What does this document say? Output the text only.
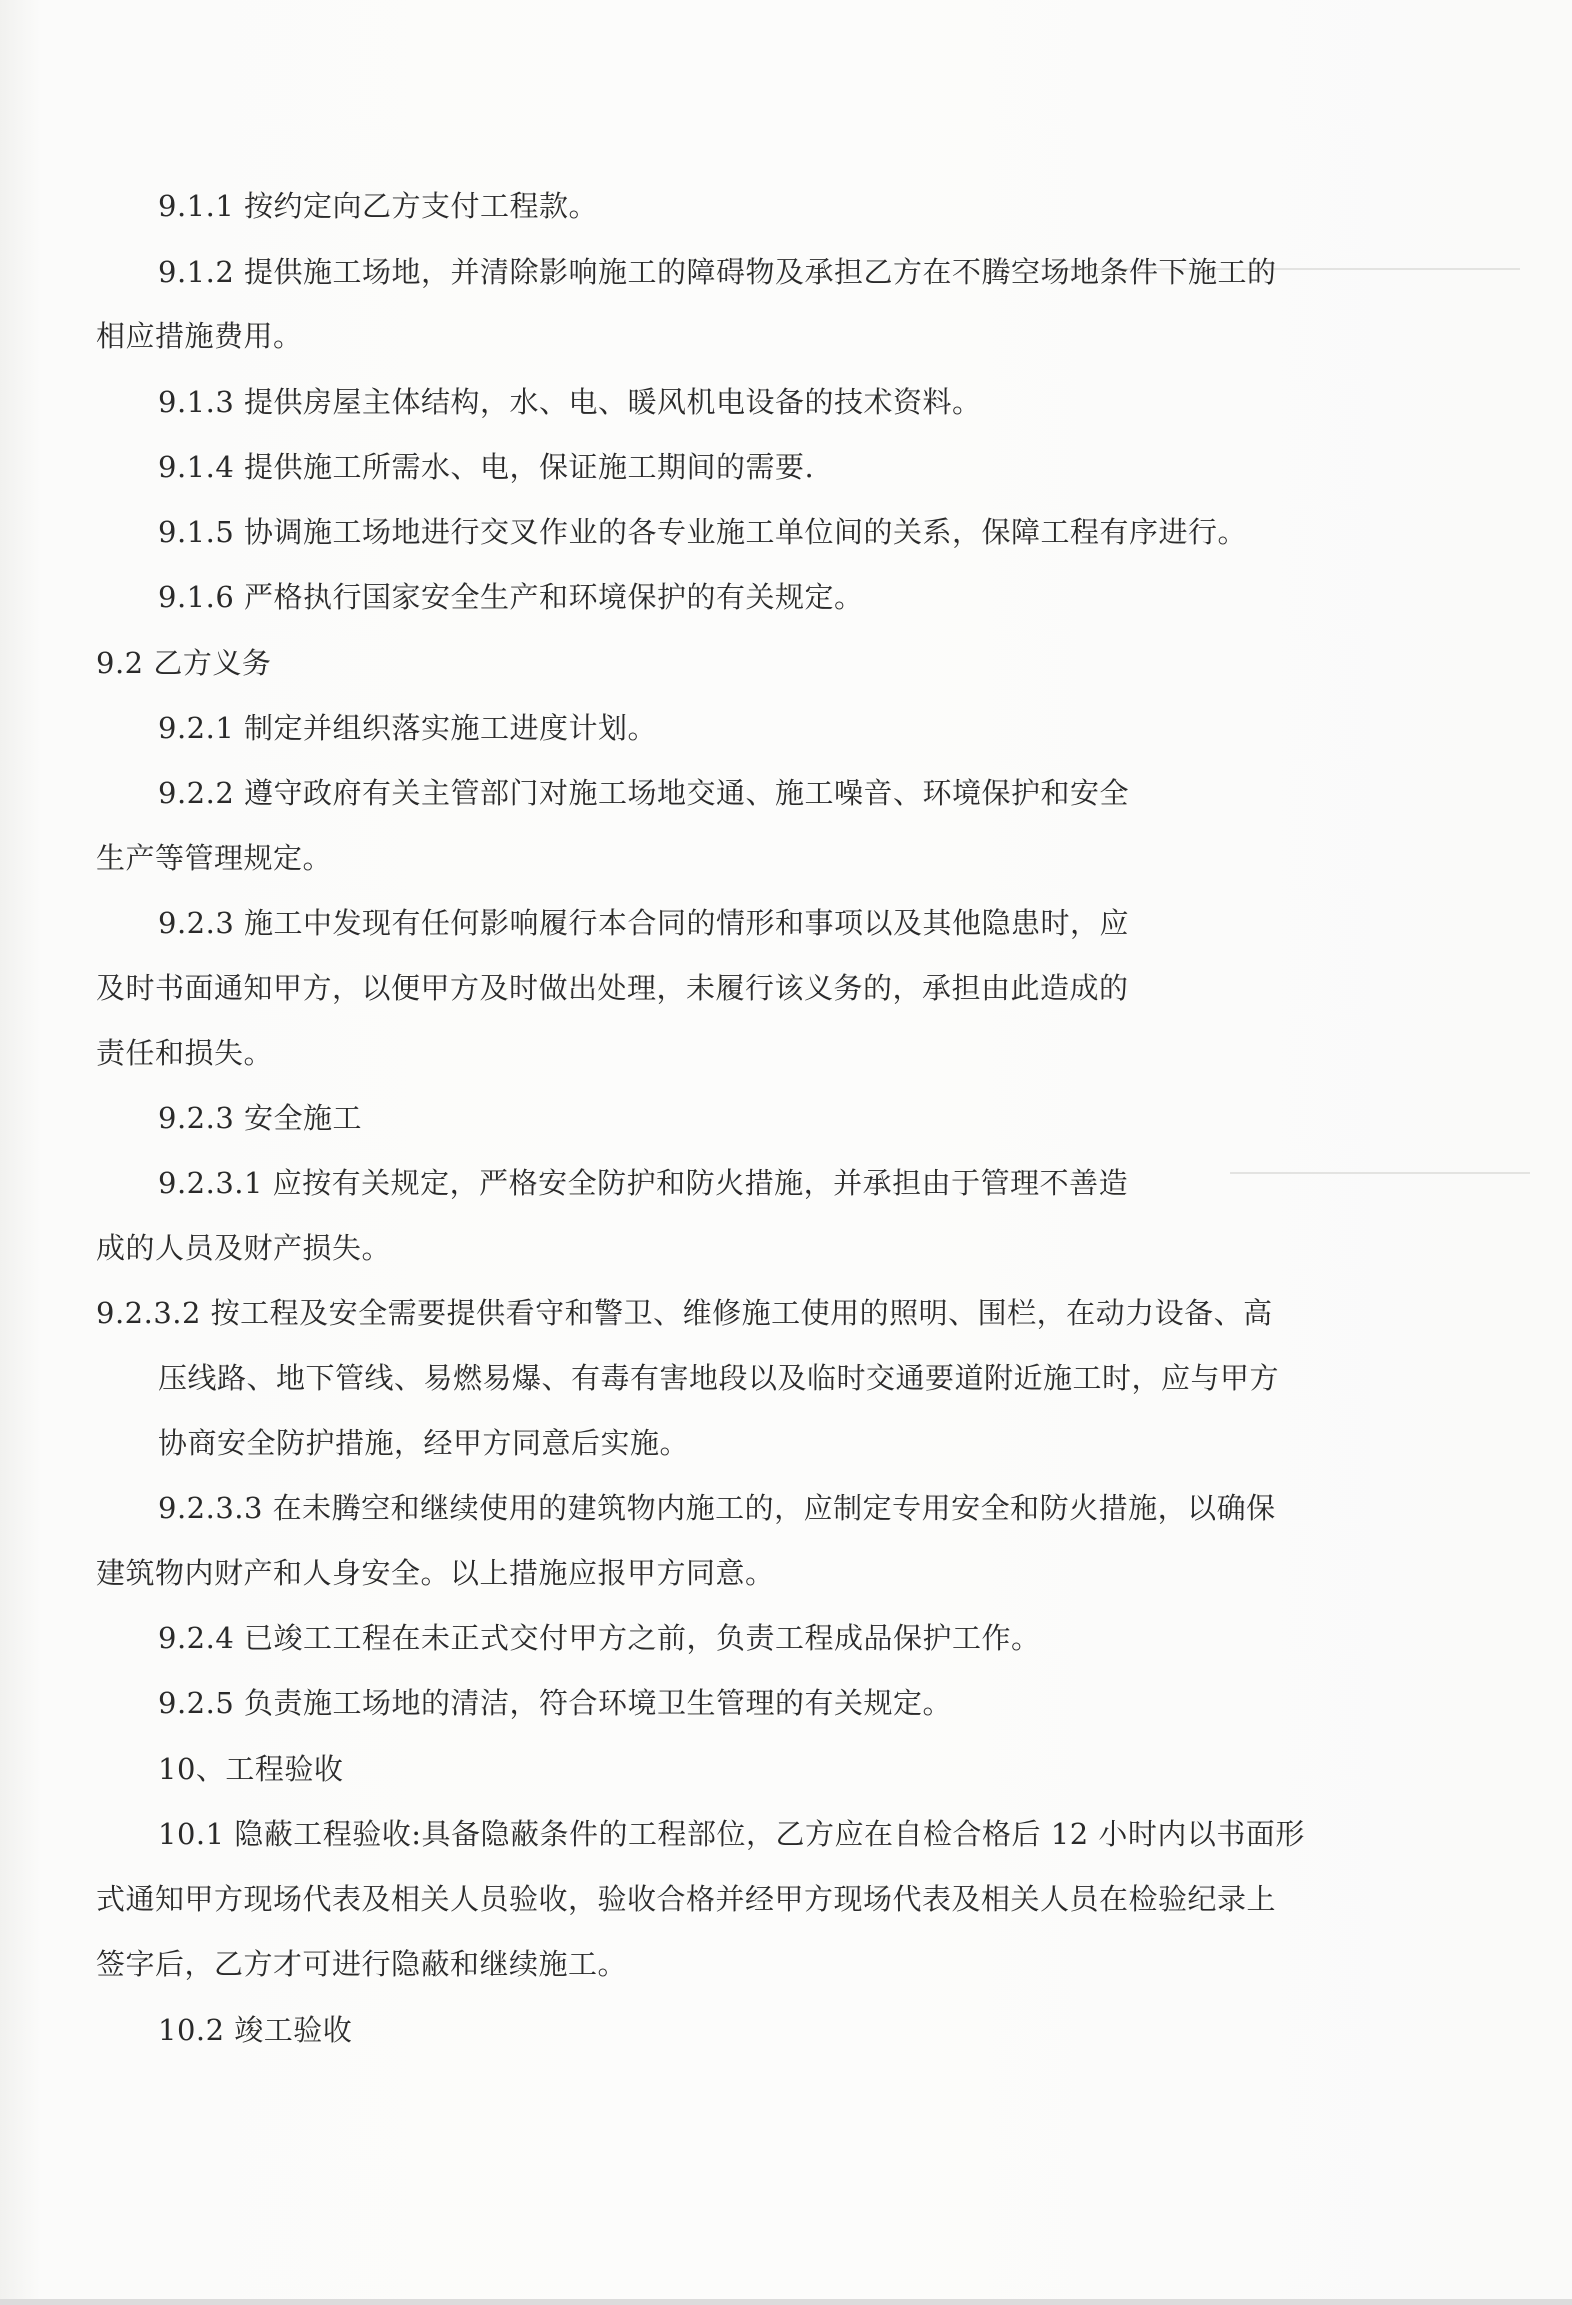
9.1.1 按约定向乙方支付工程款。
9.1.2 提供施工场地，并清除影响施工的障碍物及承担乙方在不腾空场地条件下施工的
相应措施费用。
9.1.3 提供房屋主体结构，水、电、暖风机电设备的技术资料。
9.1.4 提供施工所需水、电，保证施工期间的需要.
9.1.5 协调施工场地进行交叉作业的各专业施工单位间的关系，保障工程有序进行。
9.1.6 严格执行国家安全生产和环境保护的有关规定。
9.2 乙方义务
9.2.1 制定并组织落实施工进度计划。
9.2.2 遵守政府有关主管部门对施工场地交通、施工噪音、环境保护和安全
生产等管理规定。
9.2.3 施工中发现有任何影响履行本合同的情形和事项以及其他隐患时，应
及时书面通知甲方，以便甲方及时做出处理，未履行该义务的，承担由此造成的
责任和损失。
9.2.3 安全施工
9.2.3.1 应按有关规定，严格安全防护和防火措施，并承担由于管理不善造
成的人员及财产损失。
9.2.3.2 按工程及安全需要提供看守和警卫、维修施工使用的照明、围栏，在动力设备、高
压线路、地下管线、易燃易爆、有毒有害地段以及临时交通要道附近施工时，应与甲方
协商安全防护措施，经甲方同意后实施。
9.2.3.3 在未腾空和继续使用的建筑物内施工的，应制定专用安全和防火措施，以确保
建筑物内财产和人身安全。以上措施应报甲方同意。
9.2.4 已竣工工程在未正式交付甲方之前，负责工程成品保护工作。
9.2.5 负责施工场地的清洁，符合环境卫生管理的有关规定。
10、工程验收
10.1 隐蔽工程验收:具备隐蔽条件的工程部位，乙方应在自检合格后 12 小时内以书面形
式通知甲方现场代表及相关人员验收，验收合格并经甲方现场代表及相关人员在检验纪录上
签字后，乙方才可进行隐蔽和继续施工。
10.2 竣工验收
